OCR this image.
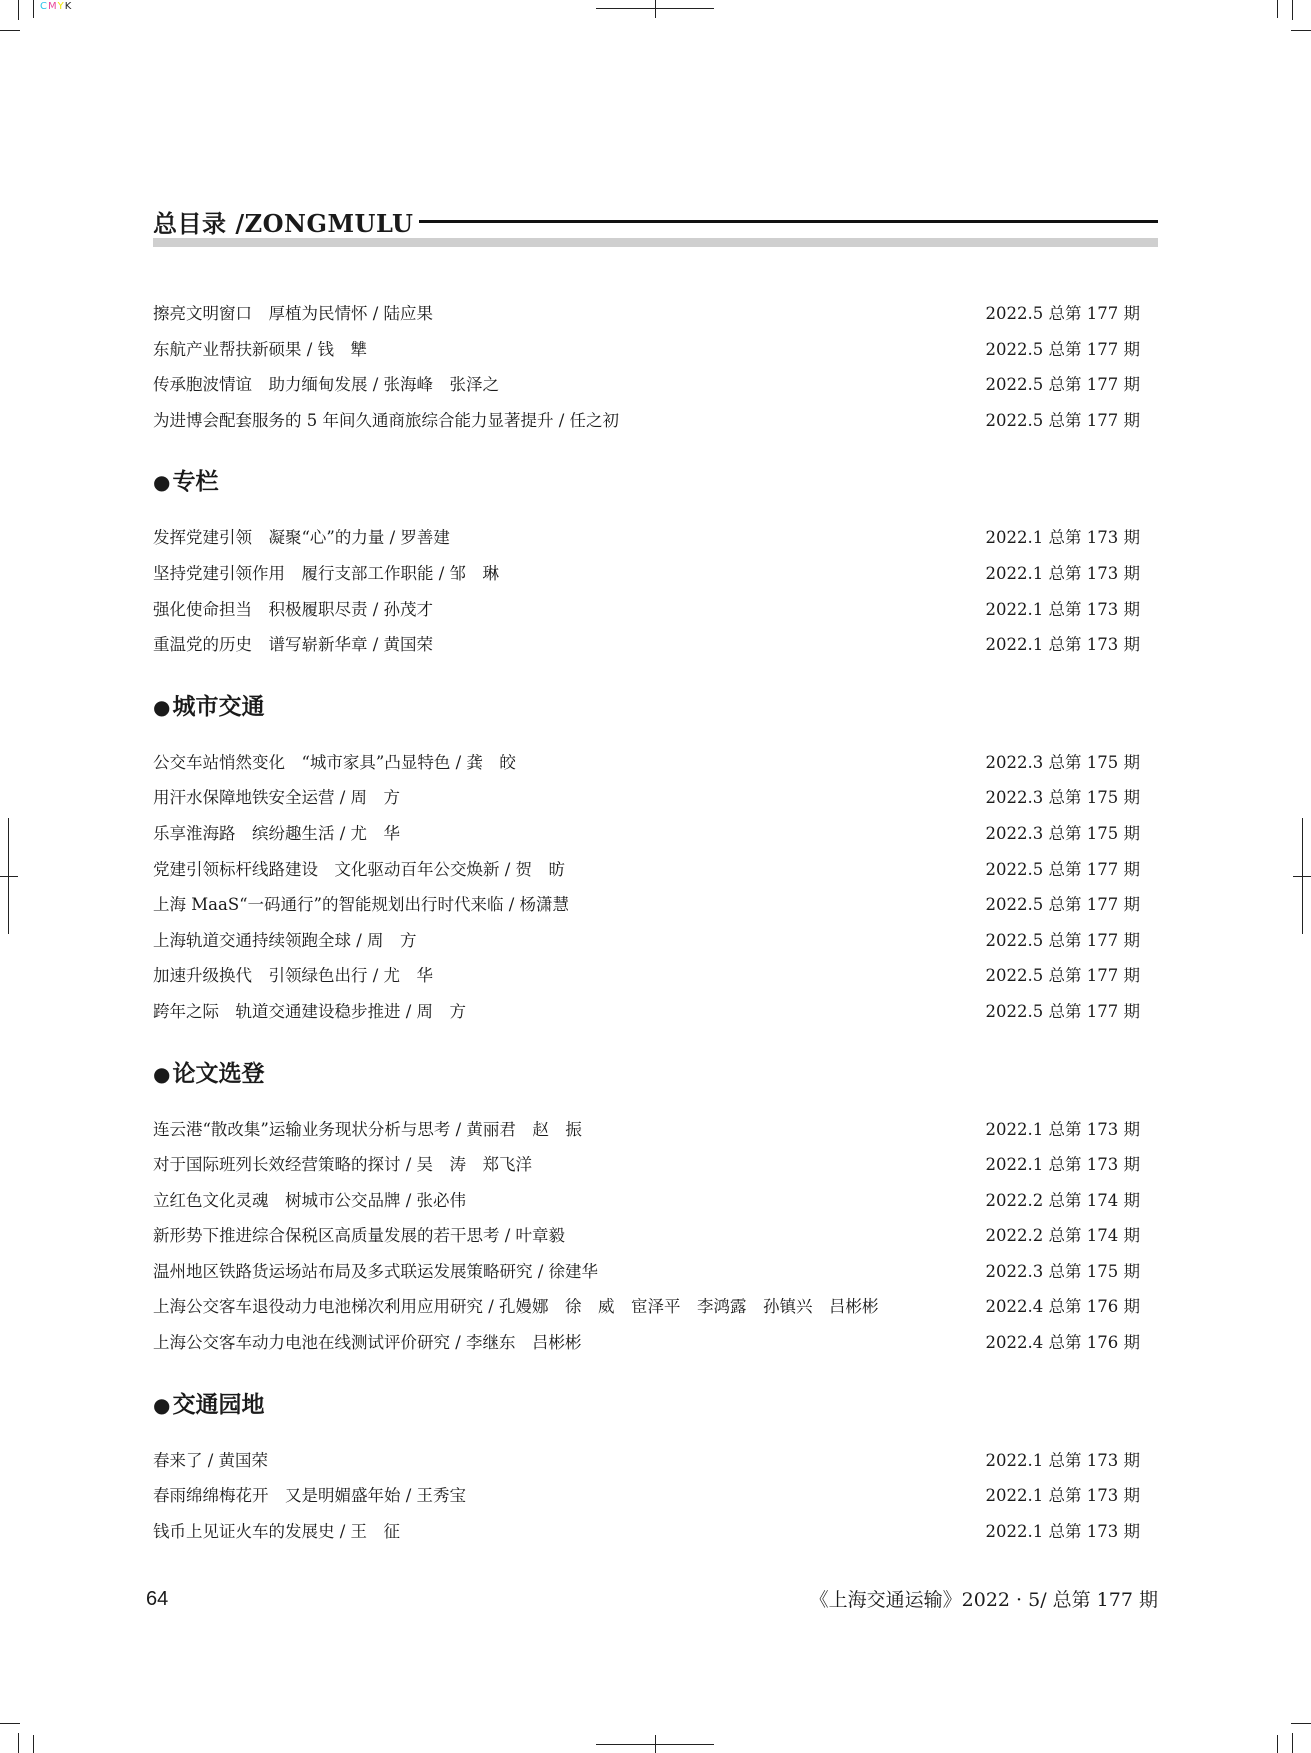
CMYK
总目录 /ZONGMULU
擦亮文明窗口　厚植为民情怀 / 陆应果	2022.5 总第 177 期
东航产业帮扶新硕果 / 钱　犨	2022.5 总第 177 期
传承胞波情谊　助力缅甸发展 / 张海峰　张泽之	2022.5 总第 177 期
为进博会配套服务的 5 年间久通商旅综合能力显著提升 / 任之初	2022.5 总第 177 期
●专栏
发挥党建引领　凝聚“心”的力量 / 罗善建	2022.1 总第 173 期
坚持党建引领作用　履行支部工作职能 / 邹　琳	2022.1 总第 173 期
强化使命担当　积极履职尽责 / 孙茂才	2022.1 总第 173 期
重温党的历史　谱写崭新华章 / 黄国荣	2022.1 总第 173 期
●城市交通
公交车站悄然变化　“城市家具”凸显特色 / 龚　皎	2022.3 总第 175 期
用汗水保障地铁安全运营 / 周　方	2022.3 总第 175 期
乐享淮海路　缤纷趣生活 / 尤　华	2022.3 总第 175 期
党建引领标杆线路建设　文化驱动百年公交焕新 / 贺　昉	2022.5 总第 177 期
上海 MaaS“一码通行”的智能规划出行时代来临 / 杨潇慧	2022.5 总第 177 期
上海轨道交通持续领跑全球 / 周　方	2022.5 总第 177 期
加速升级换代　引领绿色出行 / 尤　华	2022.5 总第 177 期
跨年之际　轨道交通建设稳步推进 / 周　方	2022.5 总第 177 期
●论文选登
连云港“散改集”运输业务现状分析与思考 / 黄丽君　赵　振	2022.1 总第 173 期
对于国际班列长效经营策略的探讨 / 吴　涛　郑飞洋	2022.1 总第 173 期
立红色文化灵魂　树城市公交品牌 / 张必伟	2022.2 总第 174 期
新形势下推进综合保税区高质量发展的若干思考 / 叶章毅	2022.2 总第 174 期
温州地区铁路货运场站布局及多式联运发展策略研究 / 徐建华	2022.3 总第 175 期
上海公交客车退役动力电池梯次利用应用研究 / 孔嫚娜　徐　威　宦泽平　李鸿露　孙镇兴　吕彬彬	2022.4 总第 176 期
上海公交客车动力电池在线测试评价研究 / 李继东　吕彬彬	2022.4 总第 176 期
●交通园地
春来了 / 黄国荣	2022.1 总第 173 期
春雨绵绵梅花开　又是明媚盛年始 / 王秀宝	2022.1 总第 173 期
钱币上见证火车的发展史 / 王　征	2022.1 总第 173 期
64	《上海交通运输》2022 · 5/ 总第 177 期
